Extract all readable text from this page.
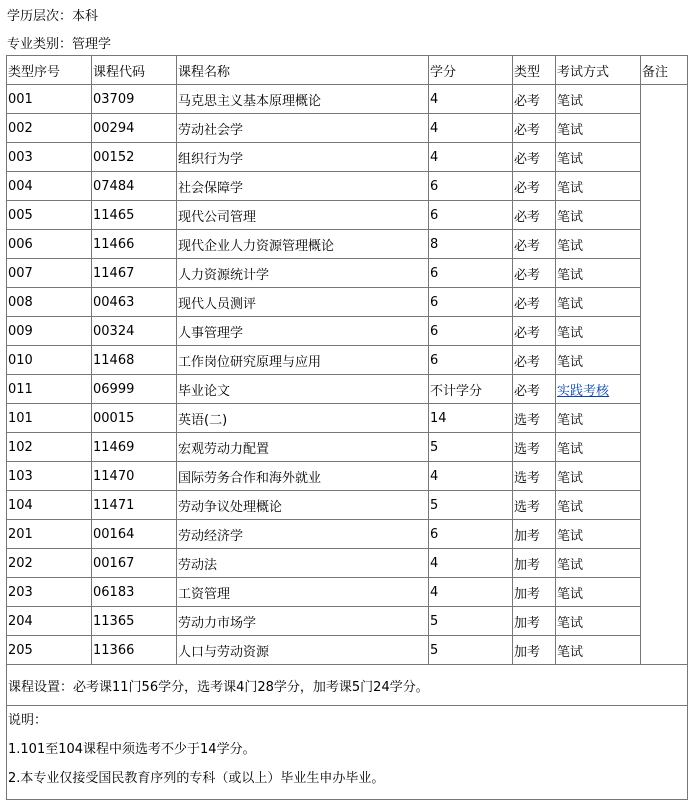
学历层次：本科
专业类别：管理学
类型序号	课程代码	课程名称	学分	类型	考试方式	备注
001	03709	马克思主义基本原理概论	4	必考	笔试	
002	00294	劳动社会学	4	必考	笔试	
003	00152	组织行为学	4	必考	笔试	
004	07484	社会保障学	6	必考	笔试	
005	11465	现代公司管理	6	必考	笔试	
006	11466	现代企业人力资源管理概论	8	必考	笔试	
007	11467	人力资源统计学	6	必考	笔试	
008	00463	现代人员测评	6	必考	笔试	
009	00324	人事管理学	6	必考	笔试	
010	11468	工作岗位研究原理与应用	6	必考	笔试	
011	06999	毕业论文	不计学分	必考	实践考核	
101	00015	英语(二)	14	选考	笔试	
102	11469	宏观劳动力配置	5	选考	笔试	
103	11470	国际劳务合作和海外就业	4	选考	笔试	
104	11471	劳动争议处理概论	5	选考	笔试	
201	00164	劳动经济学	6	加考	笔试	
202	00167	劳动法	4	加考	笔试	
203	06183	工资管理	4	加考	笔试	
204	11365	劳动力市场学	5	加考	笔试	
205	11366	人口与劳动资源	5	加考	笔试	
课程设置：必考课11门56学分，选考课4门28学分，加考课5门24学分。						

说明：
1.101至104课程中须选考不少于14学分。
2.本专业仅接受国民教育序列的专科（或以上）毕业生申办毕业。						
